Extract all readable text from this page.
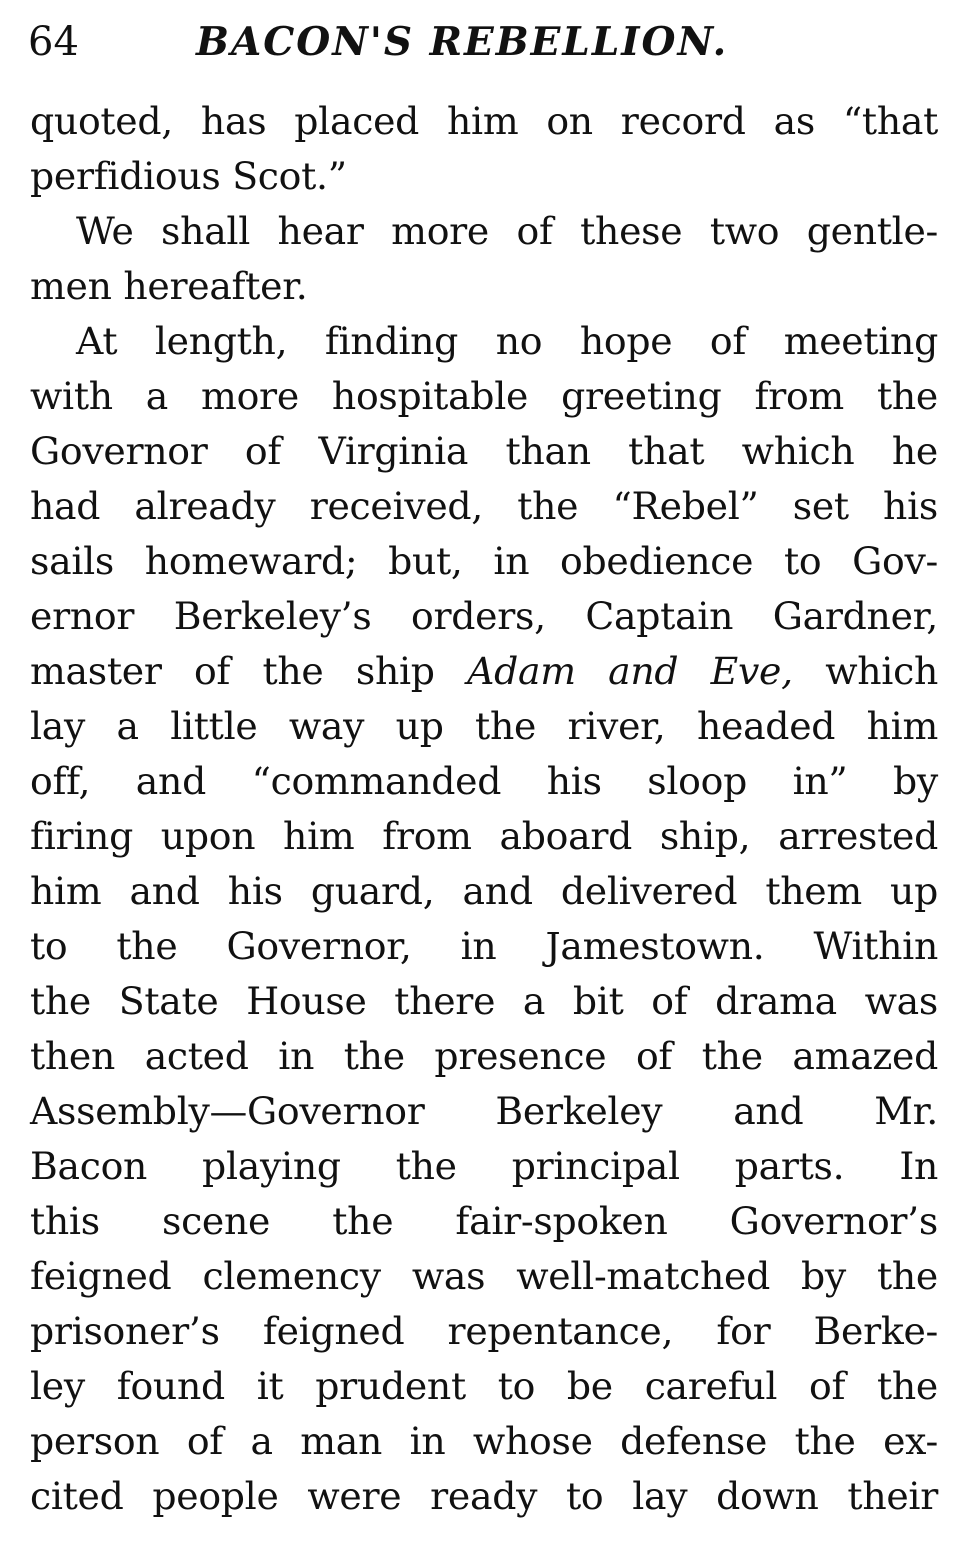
64	BACON'S REBELLION.
quoted, has placed him on record as “that
perfidious Scot.”
We shall hear more of these two gentle-
men hereafter.
At length, finding no hope of meeting
with a more hospitable greeting from the
Governor of Virginia than that which he
had already received, the “Rebel” set his
sails homeward; but, in obedience to Gov-
ernor Berkeley’s orders, Captain Gardner,
master of the ship Adam and Eve, which
lay a little way up the river, headed him
off, and “commanded his sloop in” by
firing upon him from aboard ship, arrested
him and his guard, and delivered them up
to the Governor, in Jamestown. Within
the State House there a bit of drama was
then acted in the presence of the amazed
Assembly—Governor Berkeley and Mr.
Bacon playing the principal parts. In
this scene the fair-spoken Governor’s
feigned clemency was well-matched by the
prisoner’s feigned repentance, for Berke-
ley found it prudent to be careful of the
person of a man in whose defense the ex-
cited people were ready to lay down their
